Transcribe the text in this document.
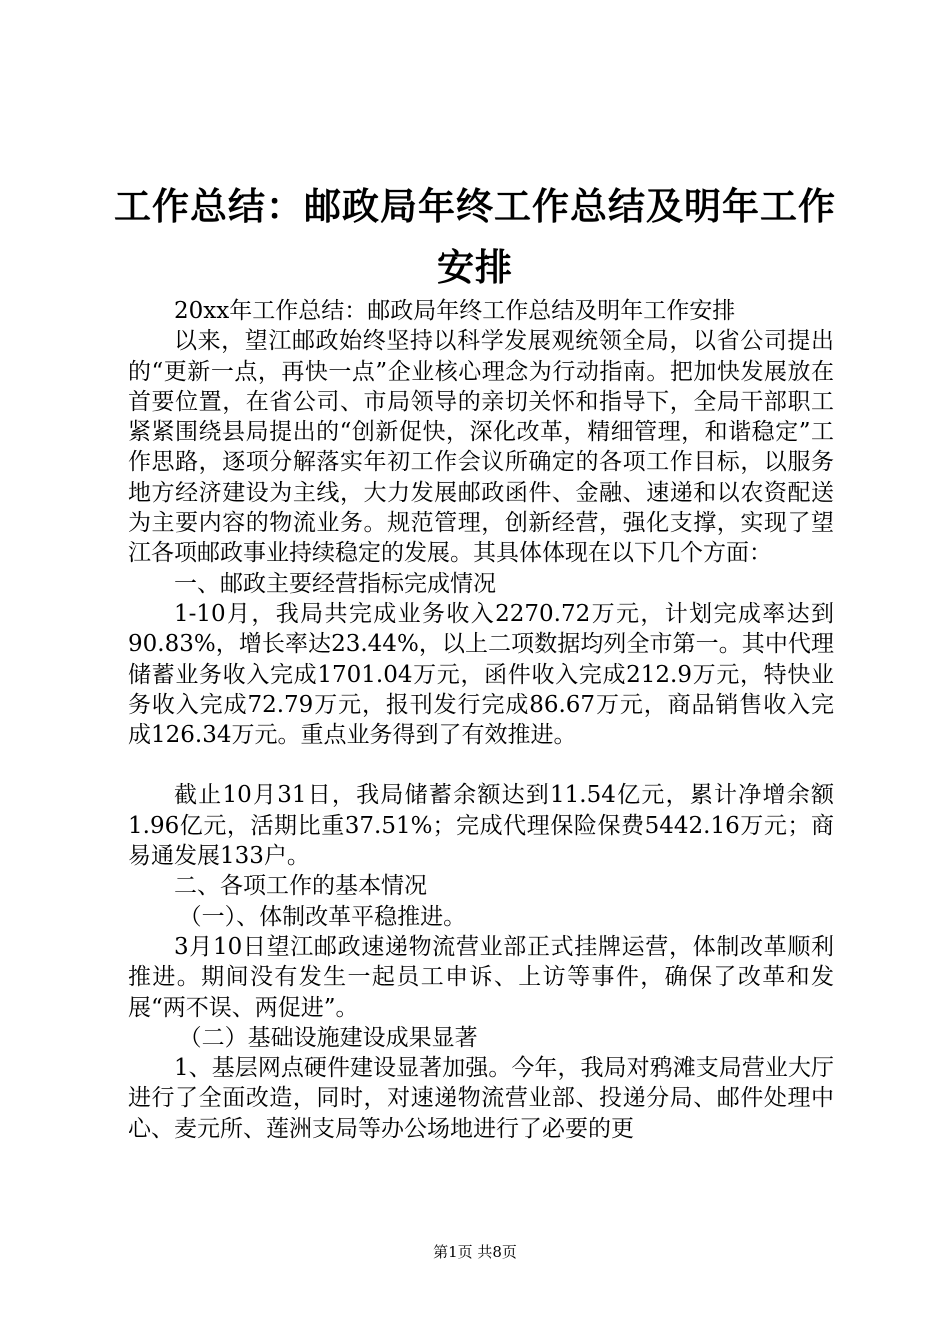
工作总结：邮政局年终工作总结及明年工作安排

20xx年工作总结：邮政局年终工作总结及明年工作安排

以来，望江邮政始终坚持以科学发展观统领全局，以省公司提出的“更新一点，再快一点”企业核心理念为行动指南。把加快发展放在首要位置，在省公司、市局领导的亲切关怀和指导下，全局干部职工紧紧围绕县局提出的“创新促快，深化改革，精细管理，和谐稳定”工作思路，逐项分解落实年初工作会议所确定的各项工作目标，以服务地方经济建设为主线，大力发展邮政函件、金融、速递和以农资配送为主要内容的物流业务。规范管理，创新经营，强化支撑，实现了望江各项邮政事业持续稳定的发展。其具体体现在以下几个方面：

一、邮政主要经营指标完成情况

1-10月，我局共完成业务收入2270.72万元，计划完成率达到90.83%，增长率达23.44%，以上二项数据均列全市第一。其中代理储蓄业务收入完成1701.04万元，函件收入完成212.9万元，特快业务收入完成72.79万元，报刊发行完成86.67万元，商品销售收入完成126.34万元。重点业务得到了有效推进。

截止10月31日，我局储蓄余额达到11.54亿元，累计净增余额1.96亿元，活期比重37.51%；完成代理保险保费5442.16万元；商易通发展133户。

二、各项工作的基本情况

（一）、体制改革平稳推进。

3月10日望江邮政速递物流营业部正式挂牌运营，体制改革顺利推进。期间没有发生一起员工申诉、上访等事件，确保了改革和发展“两不误、两促进”。

（二）基础设施建设成果显著

1、基层网点硬件建设显著加强。今年，我局对鸦滩支局营业大厅进行了全面改造，同时，对速递物流营业部、投递分局、邮件处理中心、麦元所、莲洲支局等办公场地进行了必要的更

第1页 共8页
